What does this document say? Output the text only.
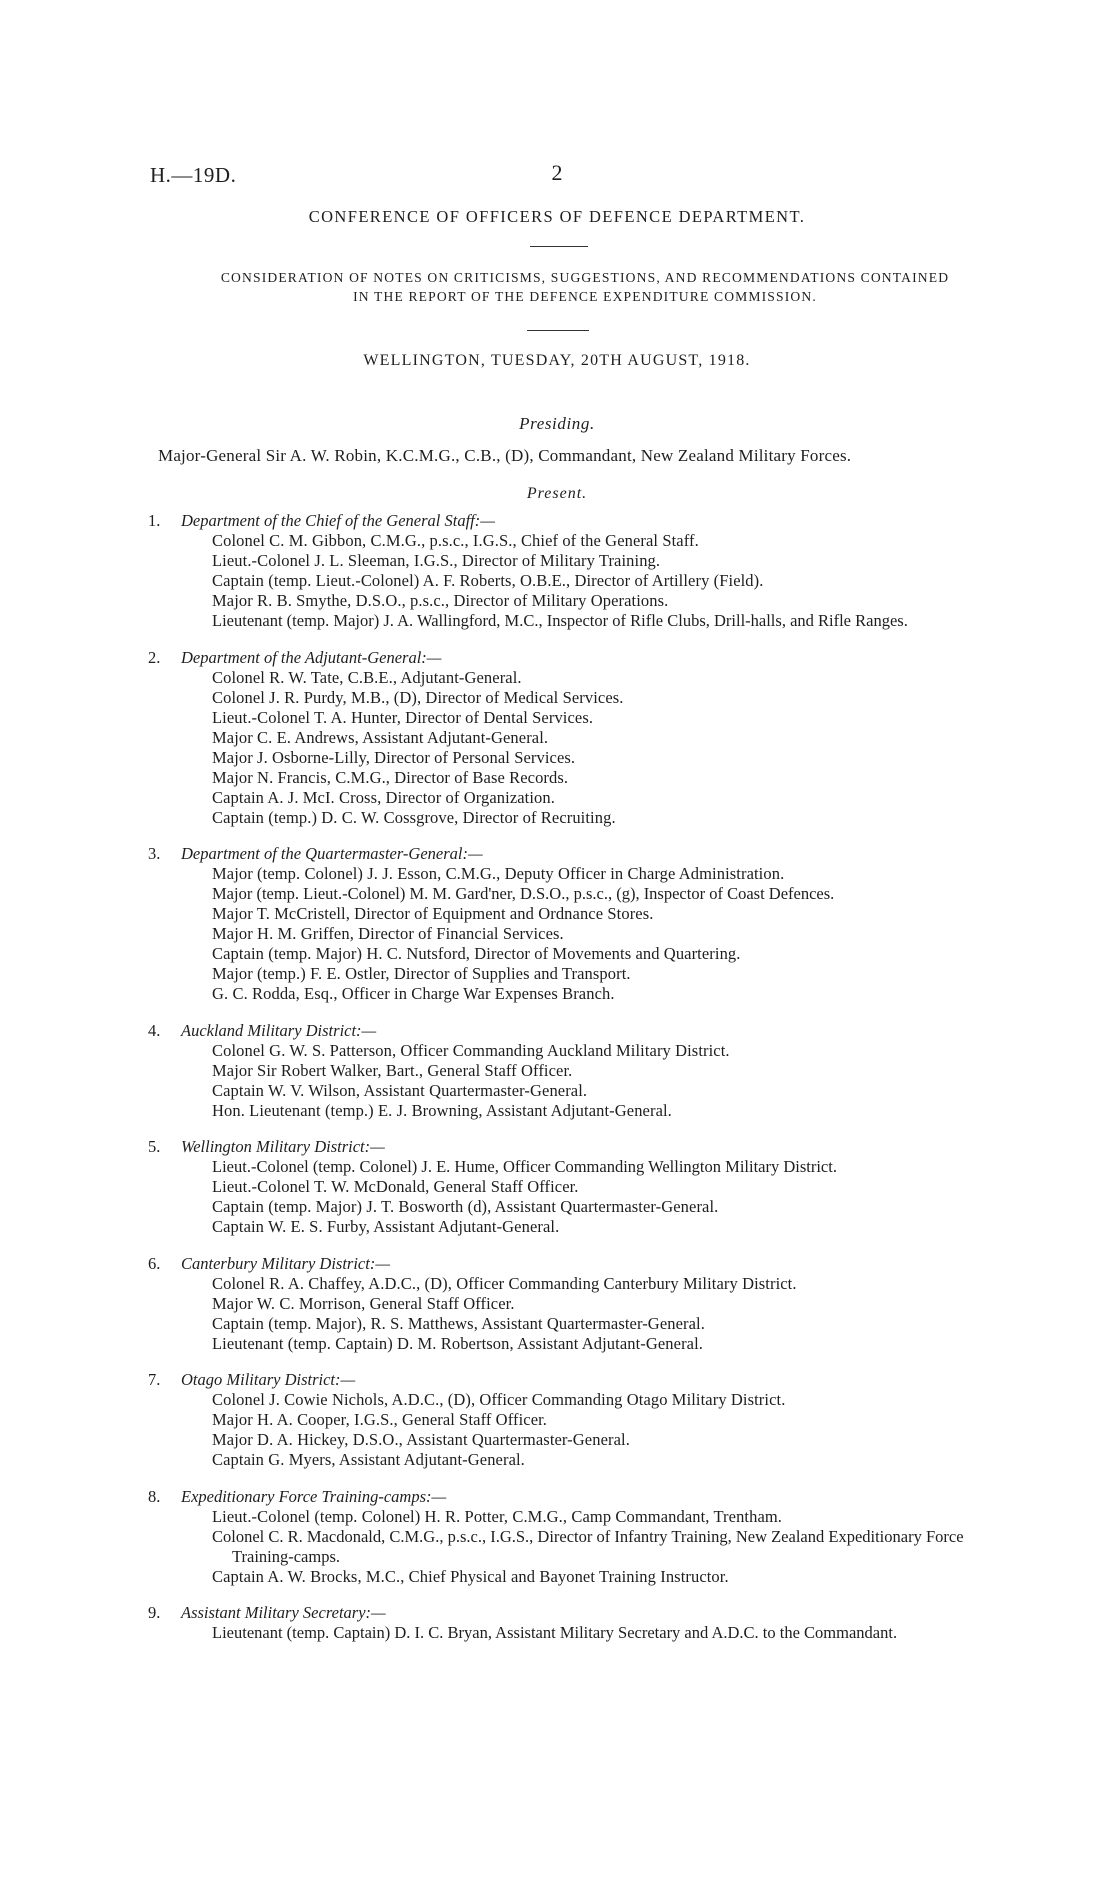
H.—19D.	2
CONFERENCE OF OFFICERS OF DEFENCE DEPARTMENT.
CONSIDERATION OF NOTES ON CRITICISMS, SUGGESTIONS, AND RECOMMENDATIONS CONTAINED
IN THE REPORT OF THE DEFENCE EXPENDITURE COMMISSION.
WELLINGTON, TUESDAY, 20TH AUGUST, 1918.
Presiding.
Major-General Sir A. W. Robin, K.C.M.G., C.B., (D), Commandant, New Zealand Military Forces.
Present.
1. Department of the Chief of the General Staff:—
Colonel C. M. Gibbon, C.M.G., p.s.c., I.G.S., Chief of the General Staff.
Lieut.-Colonel J. L. Sleeman, I.G.S., Director of Military Training.
Captain (temp. Lieut.-Colonel) A. F. Roberts, O.B.E., Director of Artillery (Field).
Major R. B. Smythe, D.S.O., p.s.c., Director of Military Operations.
Lieutenant (temp. Major) J. A. Wallingford, M.C., Inspector of Rifle Clubs, Drill-halls, and Rifle Ranges.
2. Department of the Adjutant-General:—
Colonel R. W. Tate, C.B.E., Adjutant-General.
Colonel J. R. Purdy, M.B., (D), Director of Medical Services.
Lieut.-Colonel T. A. Hunter, Director of Dental Services.
Major C. E. Andrews, Assistant Adjutant-General.
Major J. Osborne-Lilly, Director of Personal Services.
Major N. Francis, C.M.G., Director of Base Records.
Captain A. J. McI. Cross, Director of Organization.
Captain (temp.) D. C. W. Cossgrove, Director of Recruiting.
3. Department of the Quartermaster-General:—
Major (temp. Colonel) J. J. Esson, C.M.G., Deputy Officer in Charge Administration.
Major (temp. Lieut.-Colonel) M. M. Gard'ner, D.S.O., p.s.c., (g), Inspector of Coast Defences.
Major T. McCristell, Director of Equipment and Ordnance Stores.
Major H. M. Griffen, Director of Financial Services.
Captain (temp. Major) H. C. Nutsford, Director of Movements and Quartering.
Major (temp.) F. E. Ostler, Director of Supplies and Transport.
G. C. Rodda, Esq., Officer in Charge War Expenses Branch.
4. Auckland Military District:—
Colonel G. W. S. Patterson, Officer Commanding Auckland Military District.
Major Sir Robert Walker, Bart., General Staff Officer.
Captain W. V. Wilson, Assistant Quartermaster-General.
Hon. Lieutenant (temp.) E. J. Browning, Assistant Adjutant-General.
5. Wellington Military District:—
Lieut.-Colonel (temp. Colonel) J. E. Hume, Officer Commanding Wellington Military District.
Lieut.-Colonel T. W. McDonald, General Staff Officer.
Captain (temp. Major) J. T. Bosworth (d), Assistant Quartermaster-General.
Captain W. E. S. Furby, Assistant Adjutant-General.
6. Canterbury Military District:—
Colonel R. A. Chaffey, A.D.C., (D), Officer Commanding Canterbury Military District.
Major W. C. Morrison, General Staff Officer.
Captain (temp. Major), R. S. Matthews, Assistant Quartermaster-General.
Lieutenant (temp. Captain) D. M. Robertson, Assistant Adjutant-General.
7. Otago Military District:—
Colonel J. Cowie Nichols, A.D.C., (D), Officer Commanding Otago Military District.
Major H. A. Cooper, I.G.S., General Staff Officer.
Major D. A. Hickey, D.S.O., Assistant Quartermaster-General.
Captain G. Myers, Assistant Adjutant-General.
8. Expeditionary Force Training-camps:—
Lieut.-Colonel (temp. Colonel) H. R. Potter, C.M.G., Camp Commandant, Trentham.
Colonel C. R. Macdonald, C.M.G., p.s.c., I.G.S., Director of Infantry Training, New Zealand Expeditionary Force Training-camps.
Captain A. W. Brocks, M.C., Chief Physical and Bayonet Training Instructor.
9. Assistant Military Secretary:—
Lieutenant (temp. Captain) D. I. C. Bryan, Assistant Military Secretary and A.D.C. to the Commandant.
